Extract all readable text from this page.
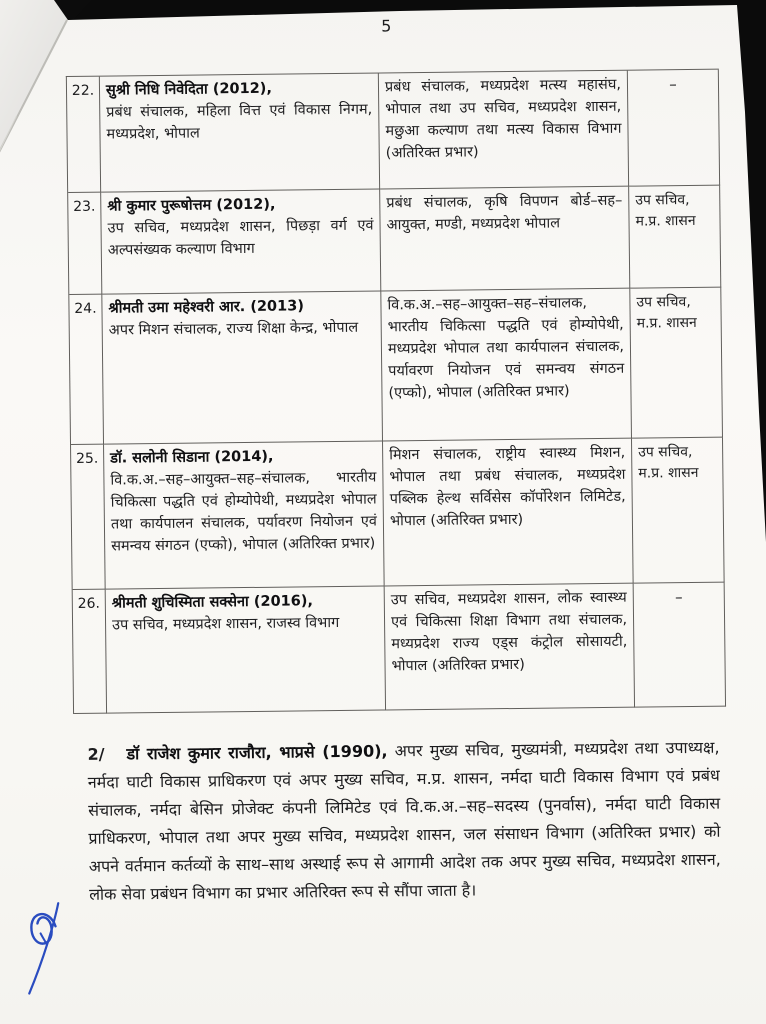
5
22. सुश्री निधि निवेदिता (2012),
प्रबंध संचालक, महिला वित्त एवं विकास निगम, मध्यप्रदेश, भोपाल
प्रबंध संचालक, मध्यप्रदेश मत्स्य महासंघ, भोपाल तथा उप सचिव, मध्यप्रदेश शासन, मछुआ कल्याण तथा मत्स्य विकास विभाग (अतिरिक्त प्रभार)
–
23. श्री कुमार पुरूषोत्तम (2012),
उप सचिव, मध्यप्रदेश शासन, पिछड़ा वर्ग एवं अल्पसंख्यक कल्याण विभाग
प्रबंध संचालक, कृषि विपणन बोर्ड–सह–आयुक्त, मण्डी, मध्यप्रदेश भोपाल
उप सचिव, म.प्र. शासन
24. श्रीमती उमा महेश्वरी आर. (2013)
अपर मिशन संचालक, राज्य शिक्षा केन्द्र, भोपाल
वि.क.अ.–सह–आयुक्त–सह–संचालक, भारतीय चिकित्सा पद्धति एवं होम्योपेथी, मध्यप्रदेश भोपाल तथा कार्यपालन संचालक, पर्यावरण नियोजन एवं समन्वय संगठन (एप्को), भोपाल (अतिरिक्त प्रभार)
उप सचिव, म.प्र. शासन
25. डॉ. सलोनी सिडाना (2014),
वि.क.अ.–सह–आयुक्त–सह–संचालक, भारतीय चिकित्सा पद्धति एवं होम्योपेथी, मध्यप्रदेश भोपाल तथा कार्यपालन संचालक, पर्यावरण नियोजन एवं समन्वय संगठन (एप्को), भोपाल (अतिरिक्त प्रभार)
मिशन संचालक, राष्ट्रीय स्वास्थ्य मिशन, भोपाल तथा प्रबंध संचालक, मध्यप्रदेश पब्लिक हेल्थ सर्विसेस कॉर्पोरेशन लिमिटेड, भोपाल (अतिरिक्त प्रभार)
उप सचिव, म.प्र. शासन
26. श्रीमती शुचिस्मिता सक्सेना (2016),
उप सचिव, मध्यप्रदेश शासन, राजस्व विभाग
उप सचिव, मध्यप्रदेश शासन, लोक स्वास्थ्य एवं चिकित्सा शिक्षा विभाग तथा संचालक, मध्यप्रदेश राज्य एड्स कंट्रोल सोसायटी, भोपाल (अतिरिक्त प्रभार)
–
2/ डॉ राजेश कुमार राजौरा, भाप्रसे (1990), अपर मुख्य सचिव, मुख्यमंत्री, मध्यप्रदेश तथा उपाध्यक्ष, नर्मदा घाटी विकास प्राधिकरण एवं अपर मुख्य सचिव, म.प्र. शासन, नर्मदा घाटी विकास विभाग एवं प्रबंध संचालक, नर्मदा बेसिन प्रोजेक्ट कंपनी लिमिटेड एवं वि.क.अ.–सह–सदस्य (पुनर्वास), नर्मदा घाटी विकास प्राधिकरण, भोपाल तथा अपर मुख्य सचिव, मध्यप्रदेश शासन, जल संसाधन विभाग (अतिरिक्त प्रभार) को अपने वर्तमान कर्तव्यों के साथ–साथ अस्थाई रूप से आगामी आदेश तक अपर मुख्य सचिव, मध्यप्रदेश शासन, लोक सेवा प्रबंधन विभाग का प्रभार अतिरिक्त रूप से सौंपा जाता है।
